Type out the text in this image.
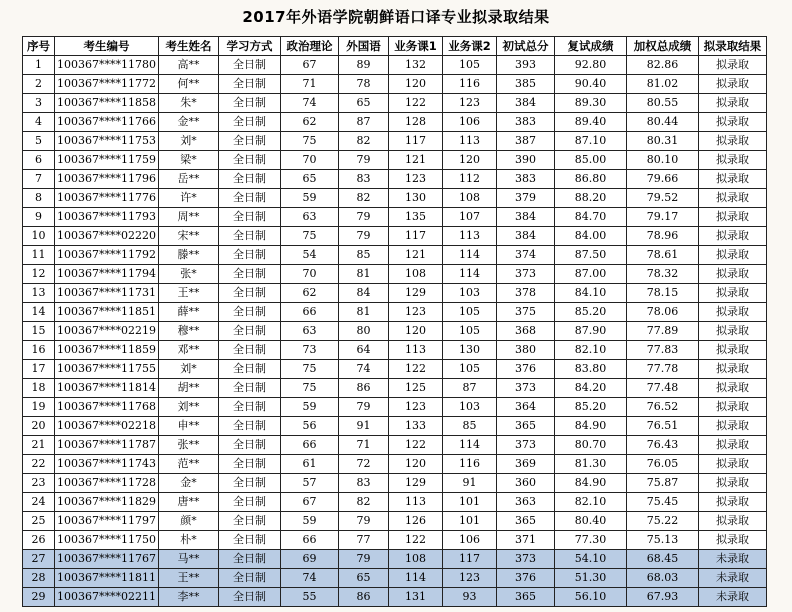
2017年外语学院朝鲜语口译专业拟录取结果
序号	考生编号	考生姓名	学习方式	政治理论	外国语	业务课1	业务课2	初试总分	复试成绩	加权总成绩	拟录取结果
1	100367****11780	高**	全日制	67	89	132	105	393	92.80	82.86	拟录取
2	100367****11772	何**	全日制	71	78	120	116	385	90.40	81.02	拟录取
3	100367****11858	朱*	全日制	74	65	122	123	384	89.30	80.55	拟录取
4	100367****11766	金**	全日制	62	87	128	106	383	89.40	80.44	拟录取
5	100367****11753	刘*	全日制	75	82	117	113	387	87.10	80.31	拟录取
6	100367****11759	梁*	全日制	70	79	121	120	390	85.00	80.10	拟录取
7	100367****11796	岳**	全日制	65	83	123	112	383	86.80	79.66	拟录取
8	100367****11776	许*	全日制	59	82	130	108	379	88.20	79.52	拟录取
9	100367****11793	周**	全日制	63	79	135	107	384	84.70	79.17	拟录取
10	100367****02220	宋**	全日制	75	79	117	113	384	84.00	78.96	拟录取
11	100367****11792	滕**	全日制	54	85	121	114	374	87.50	78.61	拟录取
12	100367****11794	张*	全日制	70	81	108	114	373	87.00	78.32	拟录取
13	100367****11731	王**	全日制	62	84	129	103	378	84.10	78.15	拟录取
14	100367****11851	薛**	全日制	66	81	123	105	375	85.20	78.06	拟录取
15	100367****02219	穆**	全日制	63	80	120	105	368	87.90	77.89	拟录取
16	100367****11859	邓**	全日制	73	64	113	130	380	82.10	77.83	拟录取
17	100367****11755	刘*	全日制	75	74	122	105	376	83.80	77.78	拟录取
18	100367****11814	胡**	全日制	75	86	125	87	373	84.20	77.48	拟录取
19	100367****11768	刘**	全日制	59	79	123	103	364	85.20	76.52	拟录取
20	100367****02218	申**	全日制	56	91	133	85	365	84.90	76.51	拟录取
21	100367****11787	张**	全日制	66	71	122	114	373	80.70	76.43	拟录取
22	100367****11743	范**	全日制	61	72	120	116	369	81.30	76.05	拟录取
23	100367****11728	金*	全日制	57	83	129	91	360	84.90	75.87	拟录取
24	100367****11829	唐**	全日制	67	82	113	101	363	82.10	75.45	拟录取
25	100367****11797	颜*	全日制	59	79	126	101	365	80.40	75.22	拟录取
26	100367****11750	朴*	全日制	66	77	122	106	371	77.30	75.13	拟录取
27	100367****11767	马**	全日制	69	79	108	117	373	54.10	68.45	未录取
28	100367****11811	王**	全日制	74	65	114	123	376	51.30	68.03	未录取
29	100367****02211	李**	全日制	55	86	131	93	365	56.10	67.93	未录取
